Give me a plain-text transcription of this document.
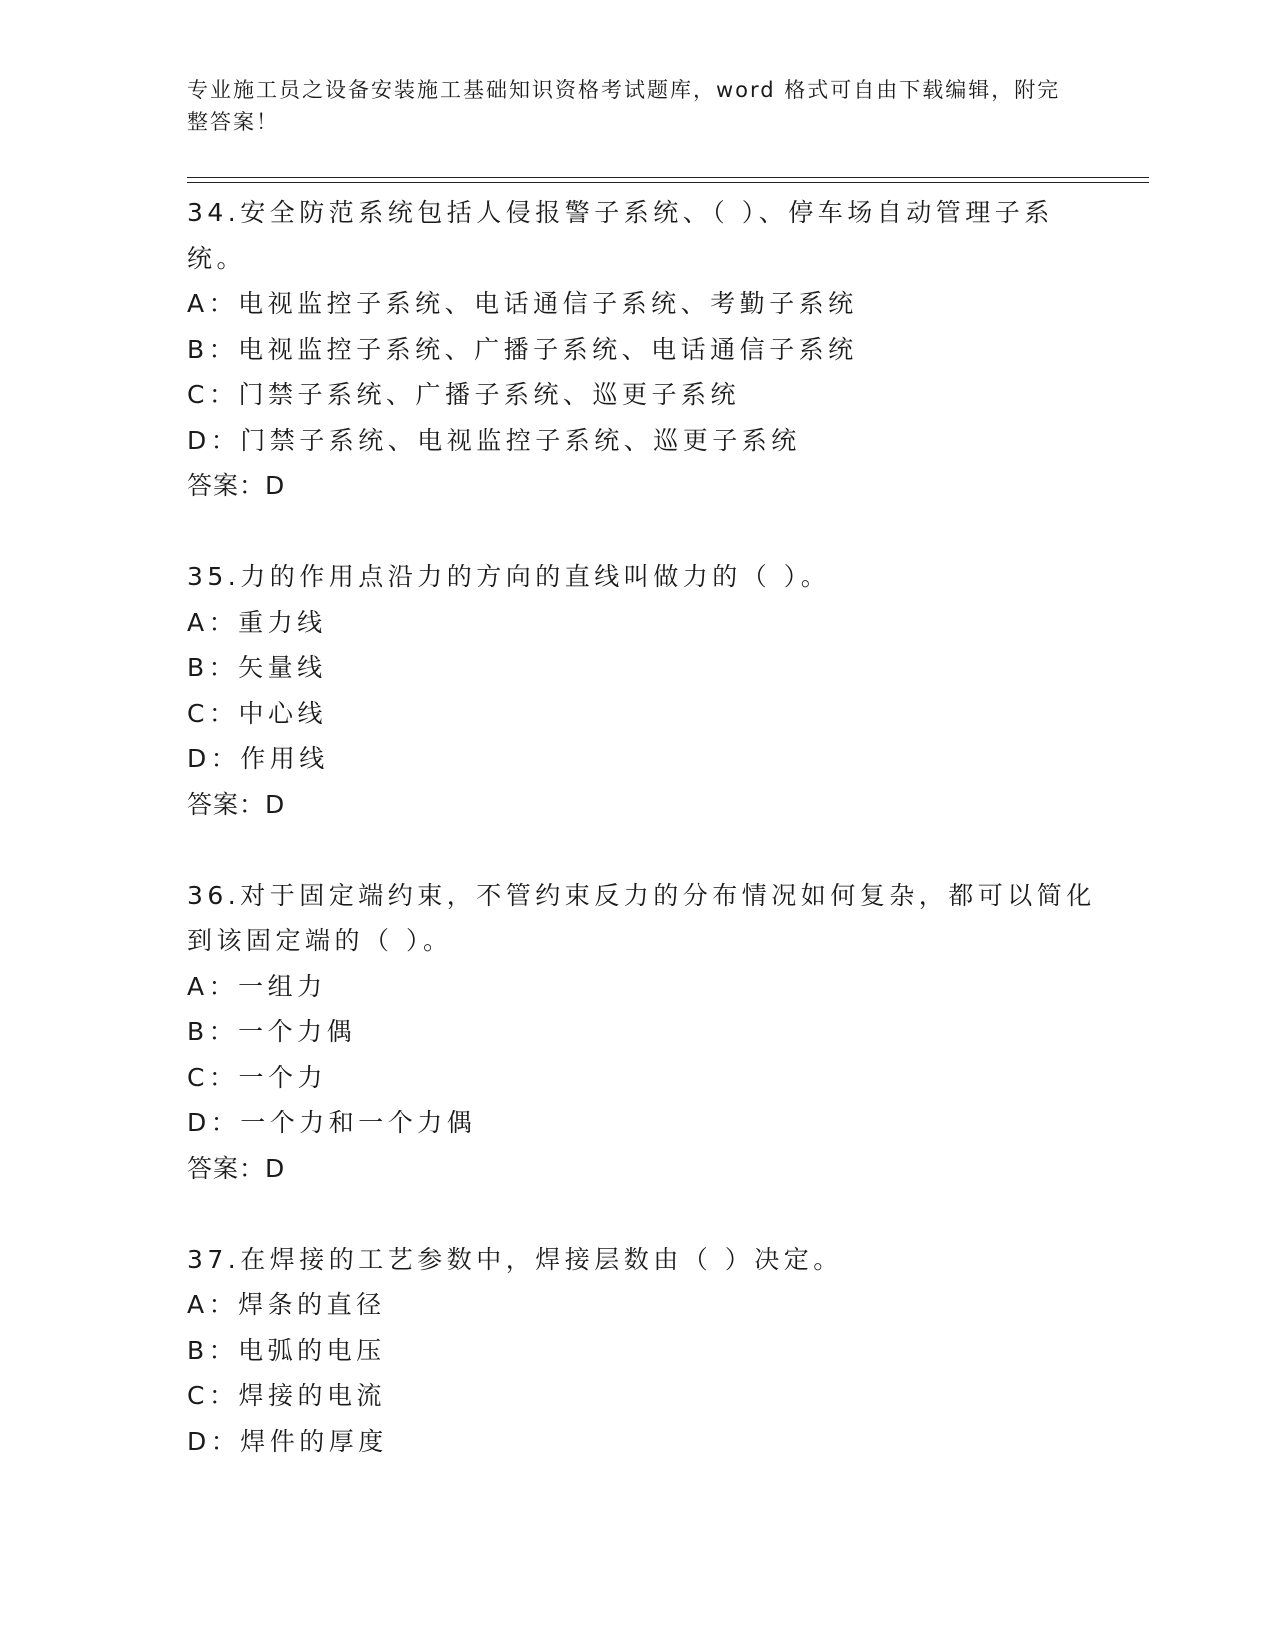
专业施工员之设备安装施工基础知识资格考试题库，word 格式可自由下载编辑，附完整答案！
34.安全防范系统包括人侵报警子系统、（ ）、停车场自动管理子系
统。
A：电视监控子系统、电话通信子系统、考勤子系统
B：电视监控子系统、广播子系统、电话通信子系统
C：门禁子系统、广播子系统、巡更子系统
D：门禁子系统、电视监控子系统、巡更子系统
答案：D
35.力的作用点沿力的方向的直线叫做力的（ ）。
A：重力线
B：矢量线
C：中心线
D：作用线
答案：D
36.对于固定端约束，不管约束反力的分布情况如何复杂，都可以简化
到该固定端的（ ）。
A：一组力
B：一个力偶
C：一个力
D：一个力和一个力偶
答案：D
37.在焊接的工艺参数中，焊接层数由（ ）决定。
A：焊条的直径
B：电弧的电压
C：焊接的电流
D：焊件的厚度
